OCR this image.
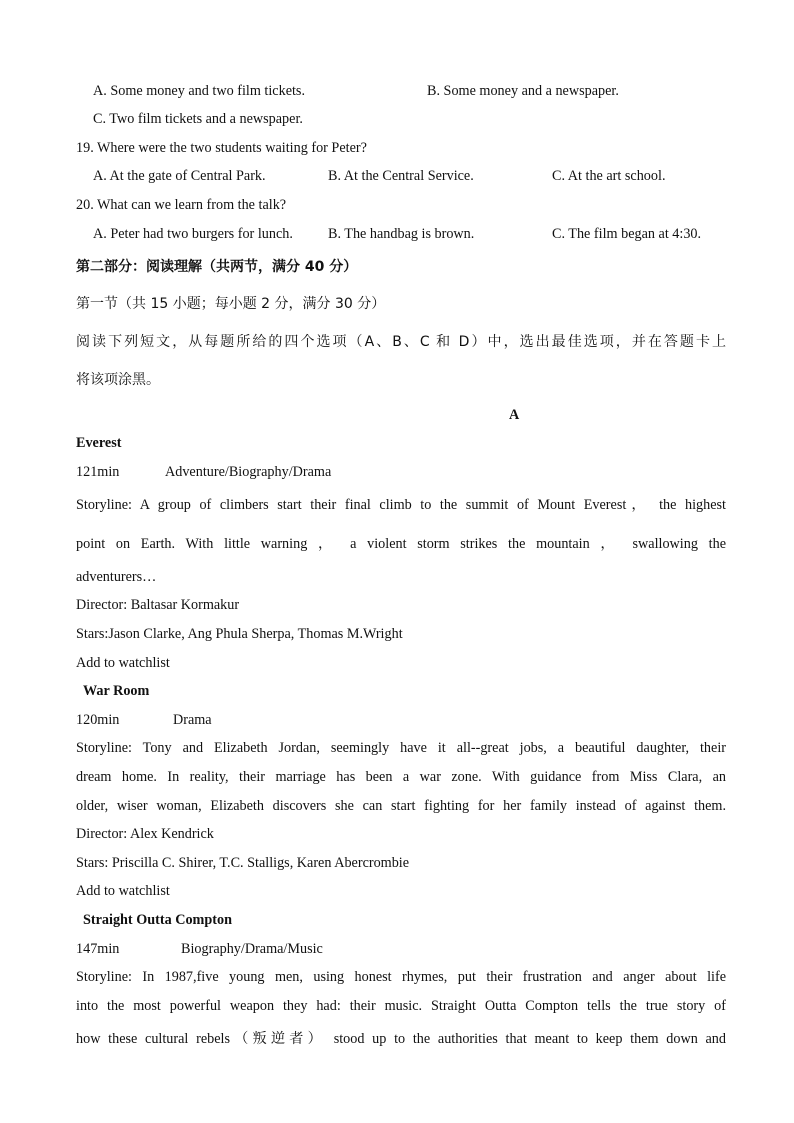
A. Some money and two film tickets.	B. Some money and a newspaper.
C. Two film tickets and a newspaper.
19. Where were the two students waiting for Peter?
A. At the gate of Central Park.	B. At the Central Service.	C. At the art school.
20. What can we learn from the talk?
A. Peter had two burgers for lunch. B. The handbag is brown.	C. The film began at 4:30.
第二部分：阅读理解（共两节，满分 40 分）
第一节（共 15 小题；每小题 2 分，满分 30 分）
阅读下列短文，从每题所给的四个选项（A、B、C 和 D）中，选出最佳选项，并在答题卡上
将该项涂黑。
A
Everest
121min	Adventure/Biography/Drama
Storyline: A group of climbers start their final climb to the summit of Mount Everest， the highest
point on Earth. With little warning ， a violent storm strikes the mountain ， swallowing the
adventurers…
Director: Baltasar Kormakur
Stars:Jason Clarke, Ang Phula Sherpa, Thomas M.Wright
Add to watchlist
War Room
120min	Drama
Storyline: Tony and Elizabeth Jordan, seemingly have it all--great jobs, a beautiful daughter, their
dream home. In reality, their marriage has been a war zone. With guidance from Miss Clara, an
older, wiser woman, Elizabeth discovers she can start fighting for her family instead of against them.
Director: Alex Kendrick
Stars: Priscilla C. Shirer, T.C. Stalligs, Karen Abercrombie
Add to watchlist
Straight Outta Compton
147min	Biography/Drama/Music
Storyline: In 1987,five young men, using honest rhymes, put their frustration and anger about life
into the most powerful weapon they had: their music. Straight Outta Compton tells the true story of
how these cultural rebels（叛逆者） stood up to the authorities that meant to keep them down and
